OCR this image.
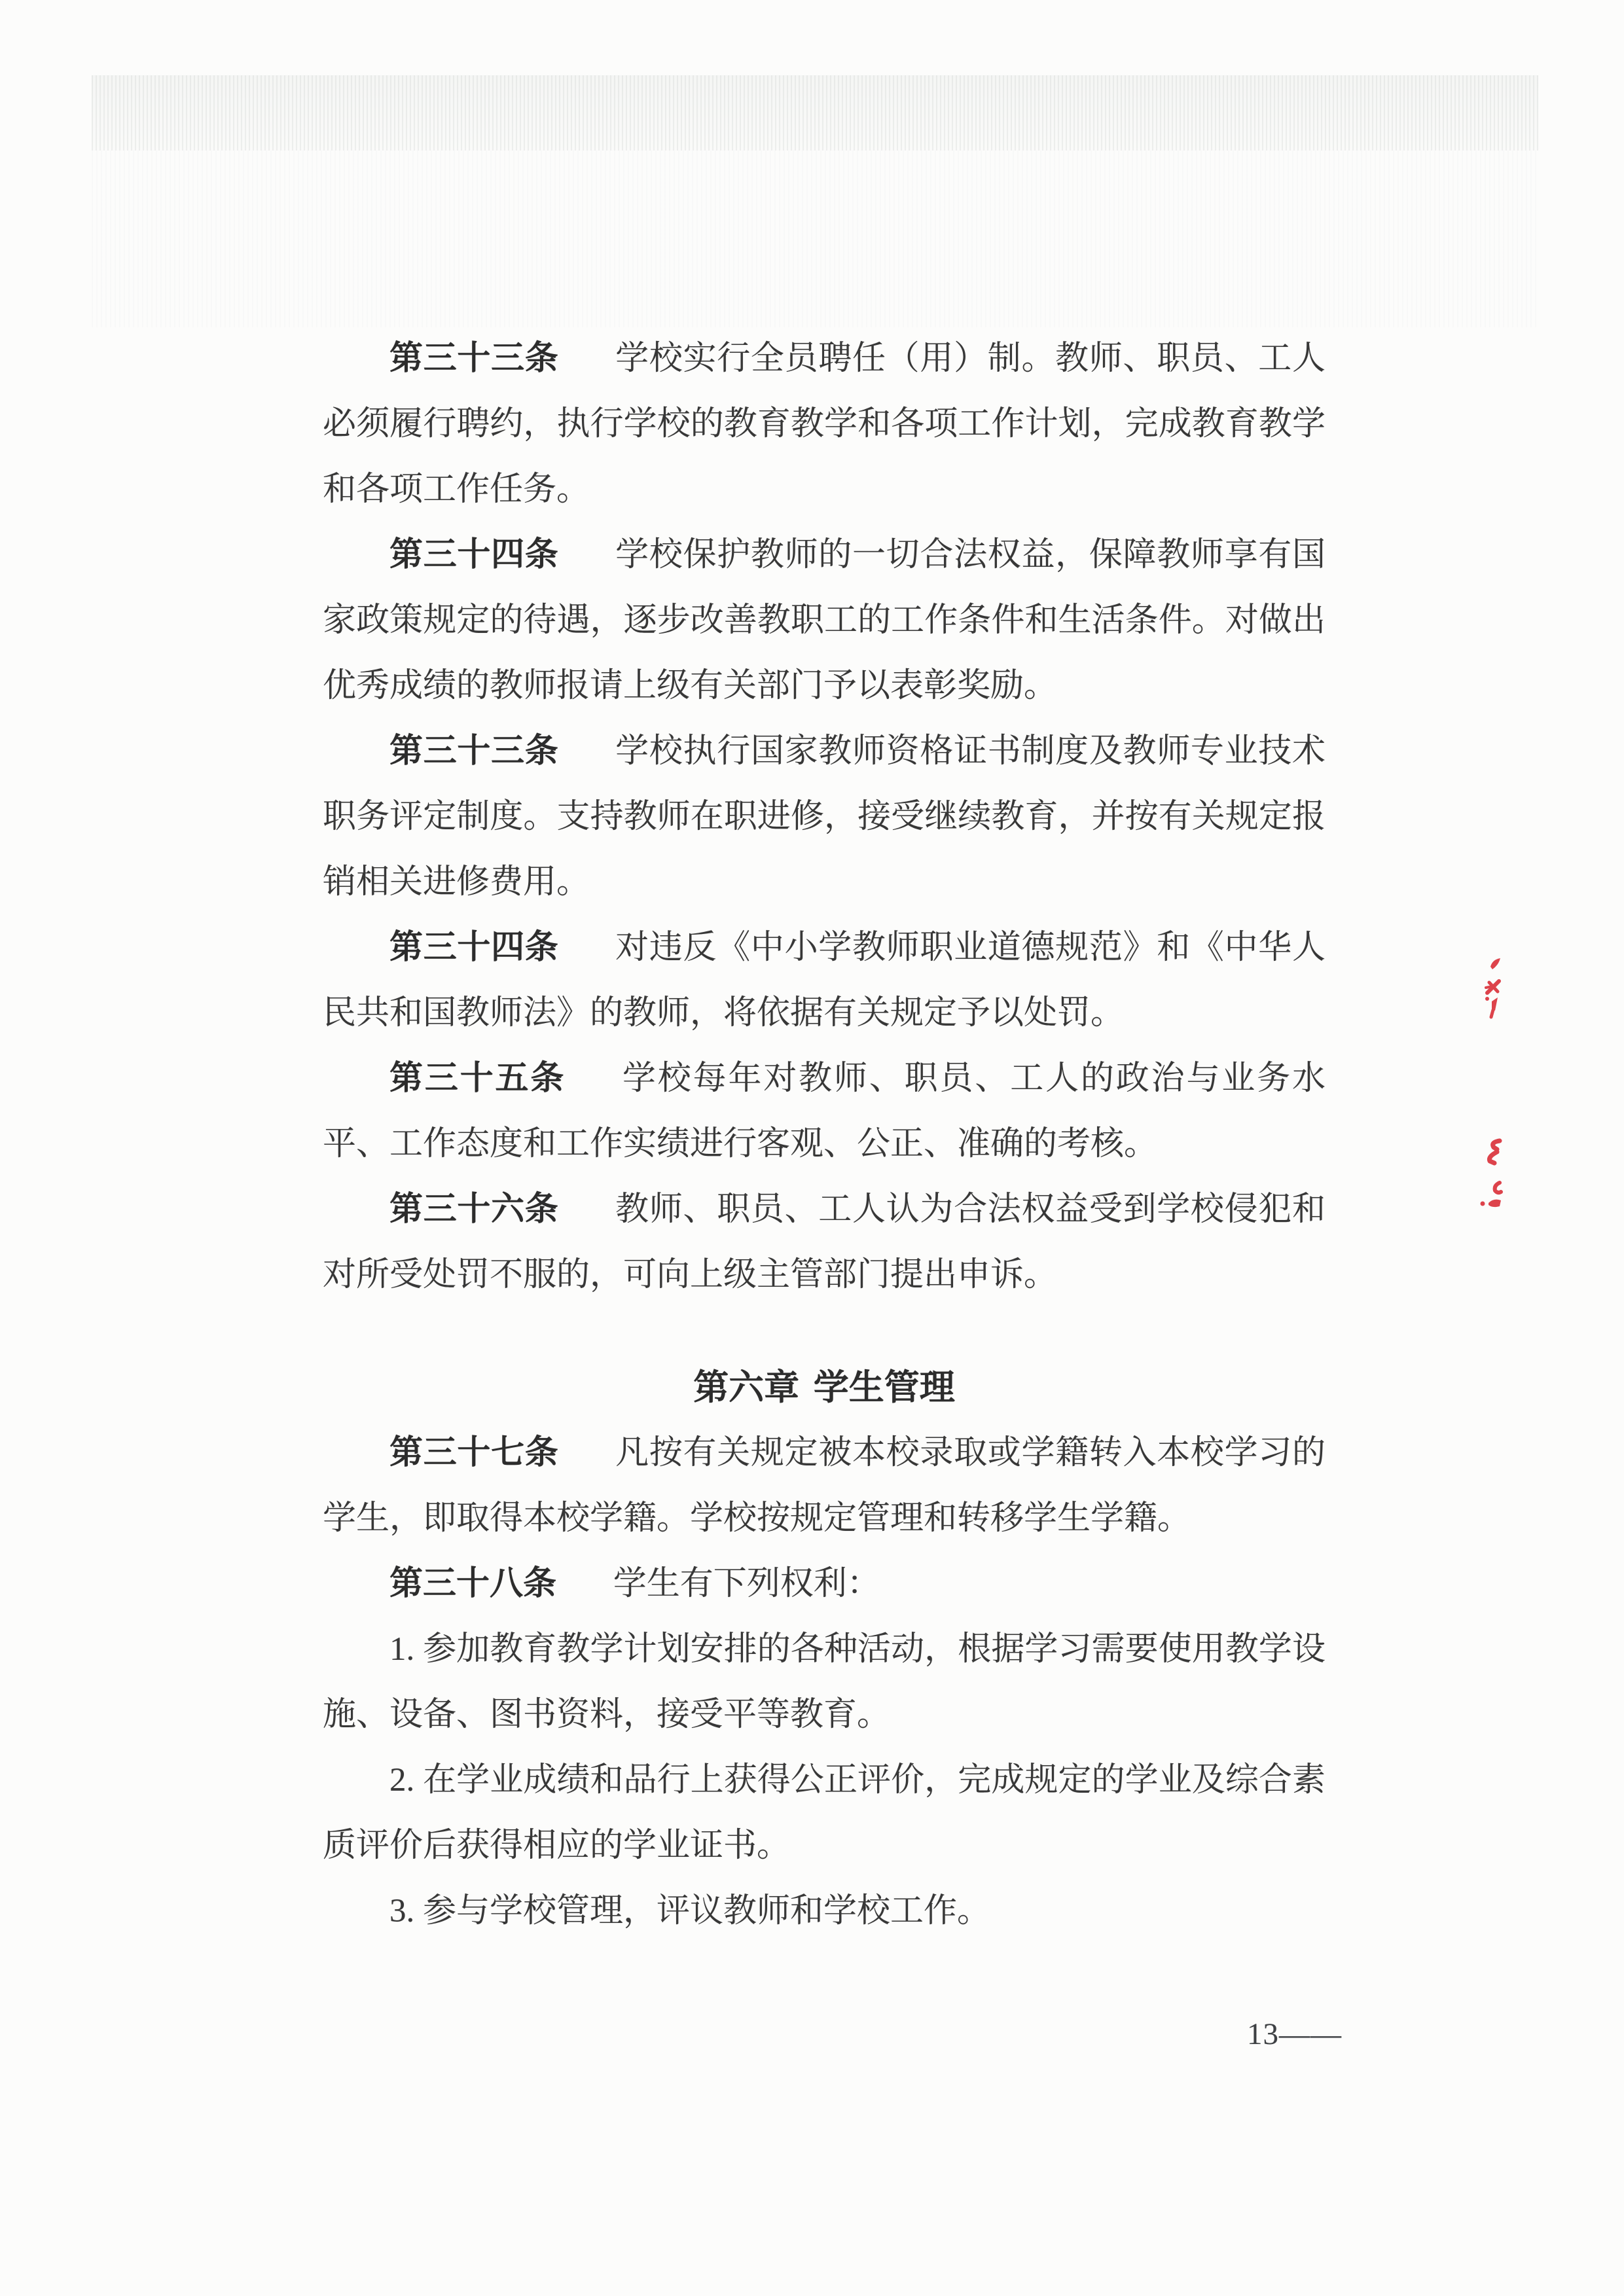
第三十三条 学校实行全员聘任（用）制。教师、职员、工人必须履行聘约，执行学校的教育教学和各项工作计划，完成教育教学和各项工作任务。

第三十四条 学校保护教师的一切合法权益，保障教师享有国家政策规定的待遇，逐步改善教职工的工作条件和生活条件。对做出优秀成绩的教师报请上级有关部门予以表彰奖励。

第三十三条 学校执行国家教师资格证书制度及教师专业技术职务评定制度。支持教师在职进修，接受继续教育，并按有关规定报销相关进修费用。

第三十四条 对违反《中小学教师职业道德规范》和《中华人民共和国教师法》的教师，将依据有关规定予以处罚。

第三十五条 学校每年对教师、职员、工人的政治与业务水平、工作态度和工作实绩进行客观、公正、准确的考核。

第三十六条 教师、职员、工人认为合法权益受到学校侵犯和对所受处罚不服的，可向上级主管部门提出申诉。

第六章 学生管理

第三十七条 凡按有关规定被本校录取或学籍转入本校学习的学生，即取得本校学籍。学校按规定管理和转移学生学籍。

第三十八条 学生有下列权利：

1. 参加教育教学计划安排的各种活动，根据学习需要使用教学设施、设备、图书资料，接受平等教育。

2. 在学业成绩和品行上获得公正评价，完成规定的学业及综合素质评价后获得相应的学业证书。

3. 参与学校管理，评议教师和学校工作。

13——
